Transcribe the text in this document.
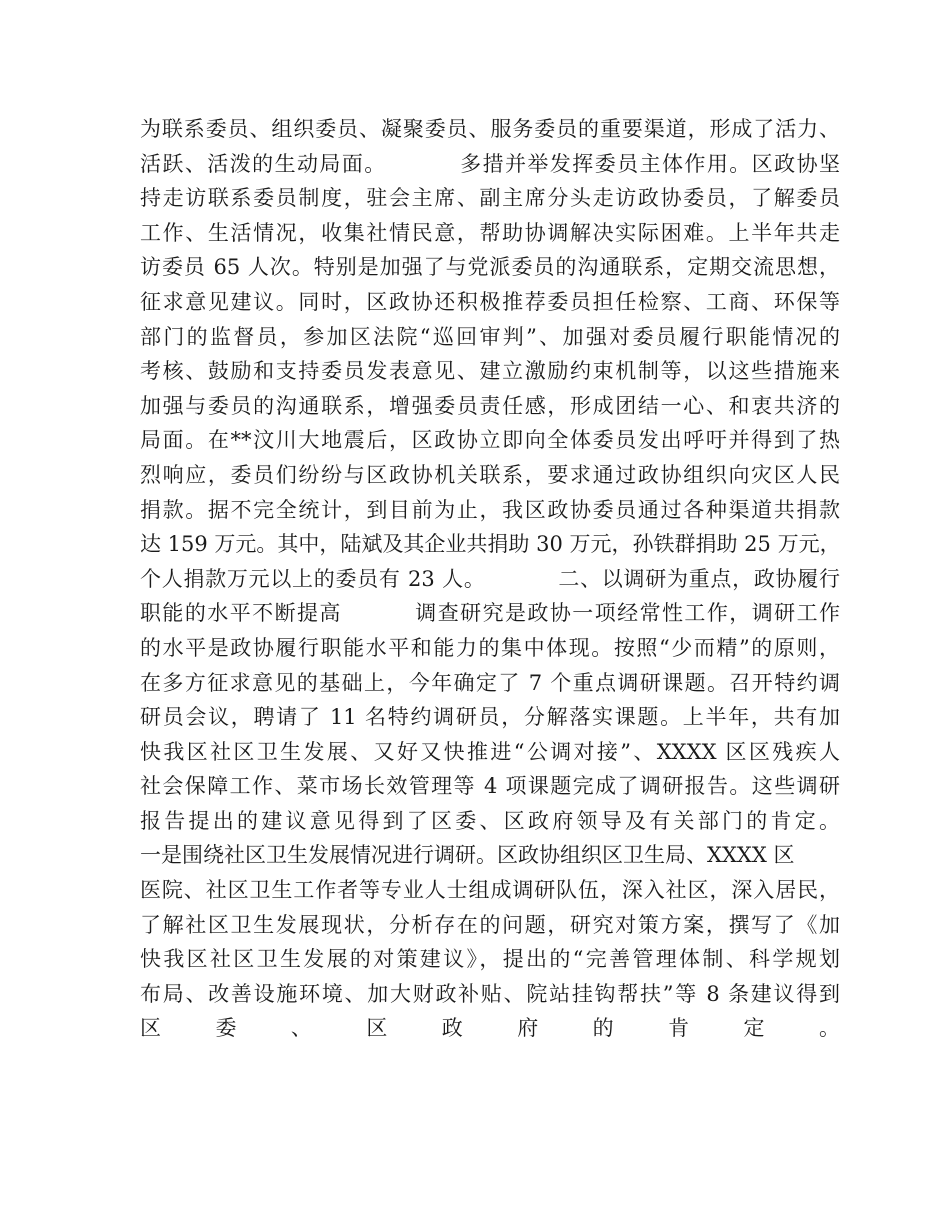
为联系委员、组织委员、凝聚委员、服务委员的重要渠道，形成了活力、
活跃、活泼的生动局面。	多措并举发挥委员主体作用。区政协坚
持走访联系委员制度，驻会主席、副主席分头走访政协委员，了解委员
工作、生活情况，收集社情民意，帮助协调解决实际困难。上半年共走
访委员 65 人次。特别是加强了与党派委员的沟通联系，定期交流思想，
征求意见建议。同时，区政协还积极推荐委员担任检察、工商、环保等
部门的监督员，参加区法院“巡回审判”、加强对委员履行职能情况的
考核、鼓励和支持委员发表意见、建立激励约束机制等，以这些措施来
加强与委员的沟通联系，增强委员责任感，形成团结一心、和衷共济的
局面。在**汶川大地震后，区政协立即向全体委员发出呼吁并得到了热
烈响应，委员们纷纷与区政协机关联系，要求通过政协组织向灾区人民
捐款。据不完全统计，到目前为止，我区政协委员通过各种渠道共捐款
达 159 万元。其中，陆斌及其企业共捐助 30 万元，孙铁群捐助 25 万元，
个人捐款万元以上的委员有 23 人。	二、以调研为重点，政协履行
职能的水平不断提高	调查研究是政协一项经常性工作，调研工作
的水平是政协履行职能水平和能力的集中体现。按照“少而精”的原则，
在多方征求意见的基础上，今年确定了 7 个重点调研课题。召开特约调
研员会议，聘请了 11 名特约调研员，分解落实课题。上半年，共有加
快我区社区卫生发展、又好又快推进“公调对接”、XXXX 区区残疾人
社会保障工作、菜市场长效管理等 4 项课题完成了调研报告。这些调研
报告提出的建议意见得到了区委、区政府领导及有关部门的肯定。
一是围绕社区卫生发展情况进行调研。区政协组织区卫生局、XXXX 区
医院、社区卫生工作者等专业人士组成调研队伍，深入社区，深入居民，
了解社区卫生发展现状，分析存在的问题，研究对策方案，撰写了《加
快我区社区卫生发展的对策建议》，提出的“完善管理体制、科学规划
布局、改善设施环境、加大财政补贴、院站挂钩帮扶”等 8 条建议得到
区委、区政府的肯定。
